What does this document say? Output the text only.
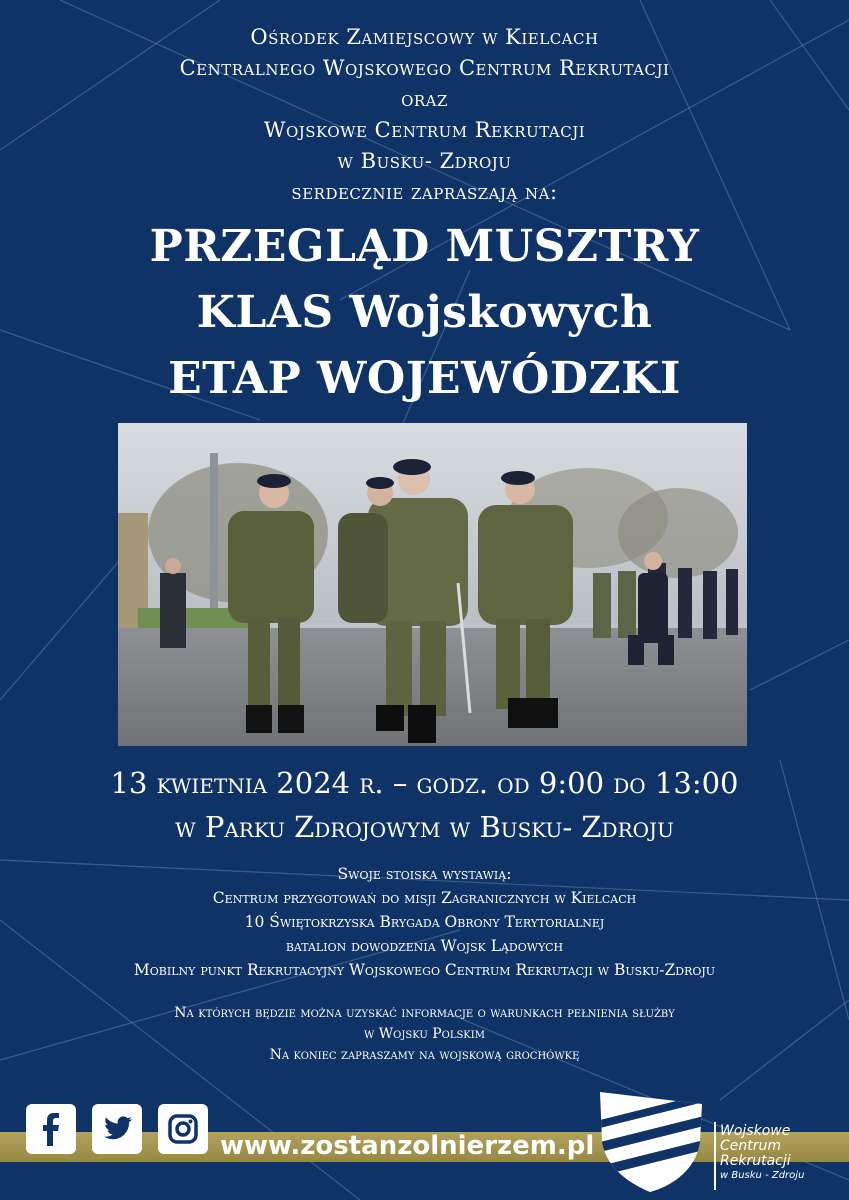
Ośrodek Zamiejscowy w Kielcach
Centralnego Wojskowego Centrum Rekrutacji
oraz
Wojskowe Centrum Rekrutacji
w Busku- Zdroju
serdecznie zapraszają na:
PRZEGLĄD MUSZTRY
KLAS Wojskowych
ETAP WOJEWÓDZKI
13 kwietnia 2024 r. – godz. od 9:00 do 13:00
w Parku Zdrojowym w Busku- Zdroju
Swoje stoiska wystawią:
Centrum przygotowań do misji Zagranicznych w Kielcach
10 Świętokrzyska Brygada Obrony Terytorialnej
batalion dowodzenia Wojsk Lądowych
Mobilny punkt Rekrutacyjny Wojskowego Centrum Rekrutacji w Busku-Zdroju
Na których będzie można uzyskać informacje o warunkach pełnienia służby
w Wojsku Polskim
Na koniec zapraszamy na wojskową grochówkę
www.zostanzolnierzem.pl	Wojskowe
Centrum
Rekrutacji
w Busku - Zdroju
